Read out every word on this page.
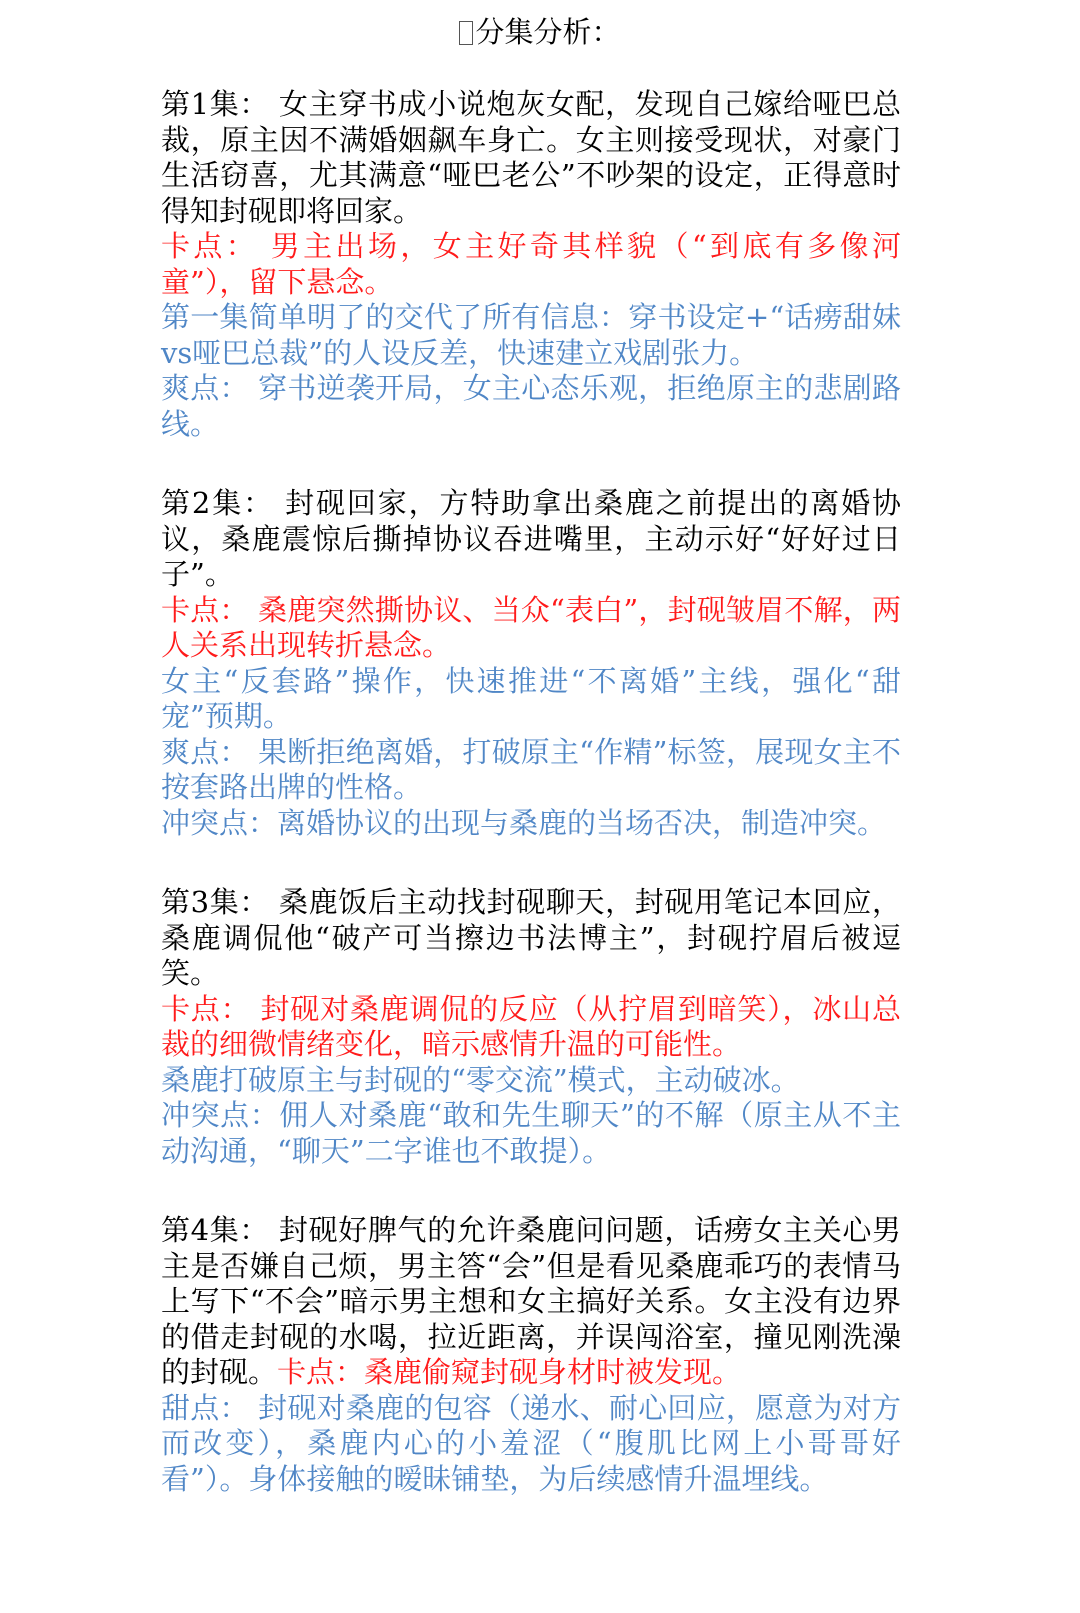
分集分析：

第1集： 女主穿书成小说炮灰女配，发现自己嫁给哑巴总裁，原主因不满婚姻飙车身亡。女主则接受现状，对豪门生活窃喜，尤其满意“哑巴老公”不吵架的设定，正得意时得知封砚即将回家。

卡点： 男主出场，女主好奇其样貌（“到底有多像河童”），留下悬念。

第一集简单明了的交代了所有信息：穿书设定+“话痨甜妹vs哑巴总裁”的人设反差，快速建立戏剧张力。

爽点： 穿书逆袭开局，女主心态乐观，拒绝原主的悲剧路线。

第2集： 封砚回家，方特助拿出桑鹿之前提出的离婚协议，桑鹿震惊后撕掉协议吞进嘴里，主动示好“好好过日子”。

卡点： 桑鹿突然撕协议、当众“表白”，封砚皱眉不解，两人关系出现转折悬念。

女主“反套路”操作，快速推进“不离婚”主线，强化“甜宠”预期。

爽点： 果断拒绝离婚，打破原主“作精”标签，展现女主不按套路出牌的性格。

冲突点：离婚协议的出现与桑鹿的当场否决，制造冲突。

第3集： 桑鹿饭后主动找封砚聊天，封砚用笔记本回应，桑鹿调侃他“破产可当擦边书法博主”，封砚拧眉后被逗笑。

卡点： 封砚对桑鹿调侃的反应（从拧眉到暗笑），冰山总裁的细微情绪变化，暗示感情升温的可能性。

桑鹿打破原主与封砚的“零交流”模式，主动破冰。

冲突点：佣人对桑鹿“敢和先生聊天”的不解（原主从不主动沟通，“聊天”二字谁也不敢提）。

第4集： 封砚好脾气的允许桑鹿问问题，话痨女主关心男主是否嫌自己烦，男主答“会”但是看见桑鹿乖巧的表情马上写下“不会”暗示男主想和女主搞好关系。女主没有边界的借走封砚的水喝，拉近距离，并误闯浴室，撞见刚洗澡的封砚。卡点：桑鹿偷窥封砚身材时被发现。

甜点： 封砚对桑鹿的包容（递水、耐心回应，愿意为对方而改变），桑鹿内心的小羞涩（“腹肌比网上小哥哥好看”）。身体接触的暧昧铺垫，为后续感情升温埋线。
